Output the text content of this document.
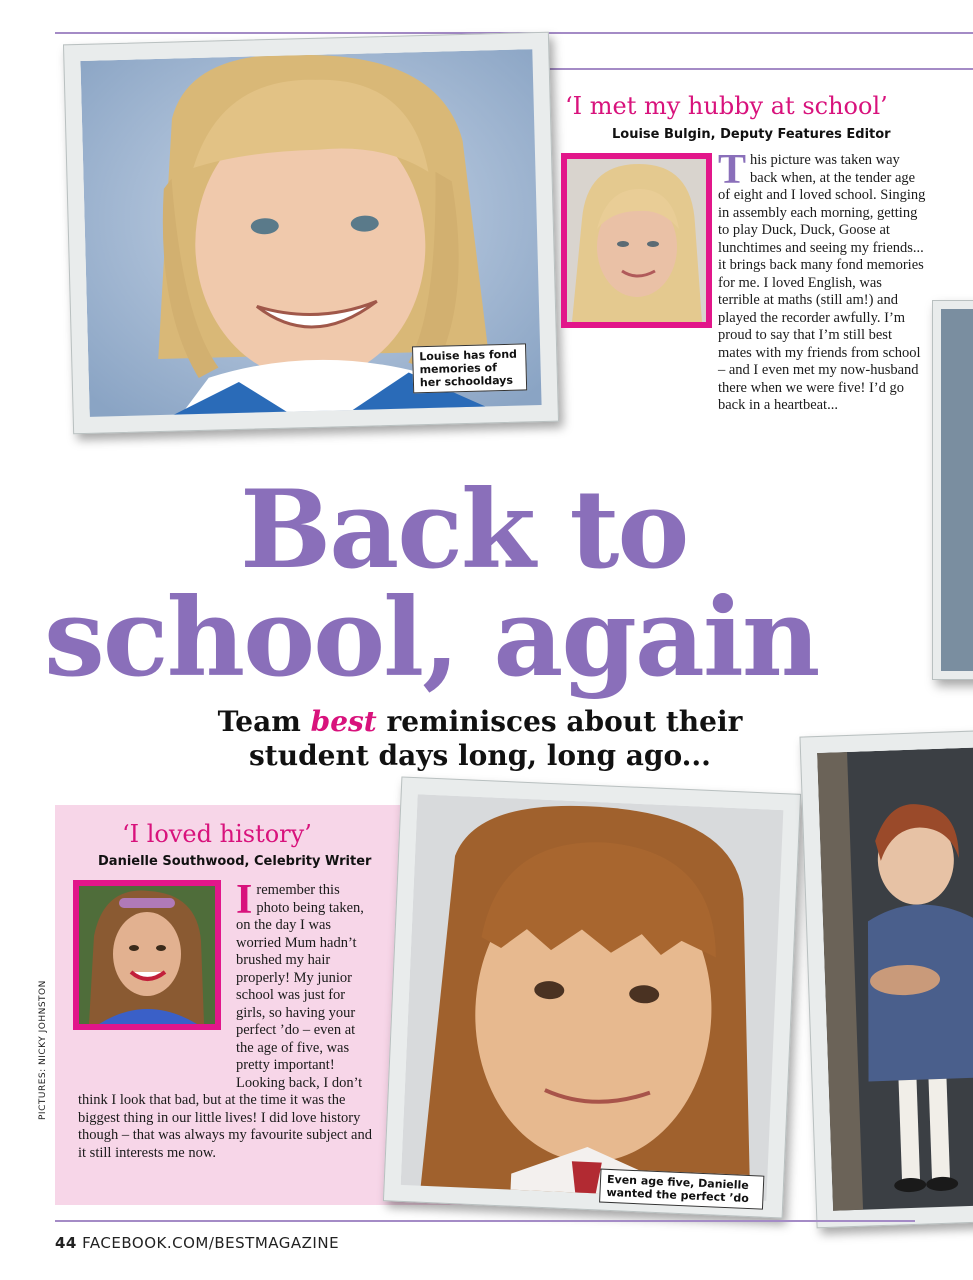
Louise has fond memories of her schooldays
‘I met my hubby at school’
Louise Bulgin, Deputy Features Editor

This picture was taken way back when, at the tender age of eight and I loved school. Singing in assembly each morning, getting to play Duck, Duck, Goose at lunchtimes and seeing my friends... it brings back many fond memories for me. I loved English, was terrible at maths (still am!) and played the recorder awfully. I’m proud to say that I’m still best mates with my friends from school – and I even met my now-husband there when we were five! I’d go back in a heartbeat...

Back to
school, again
Team best reminisces about their
student days long, long ago...
‘I loved history’
Danielle Southwood, Celebrity Writer

Iremember this photo being taken, on the day I was worried Mum hadn’t brushed my hair properly! My junior school was just for girls, so having your perfect ’do – even at the age of five, was pretty important! Looking back, I don’t think I look that bad, but at the time it was the biggest thing in our little lives! I did love history though – that was always my favourite subject and it still interests me now.

Even age five, Danielle wanted the perfect ’do
PICTURES: NICKY JOHNSTON
44 FACEBOOK.COM/BESTMAGAZINE
